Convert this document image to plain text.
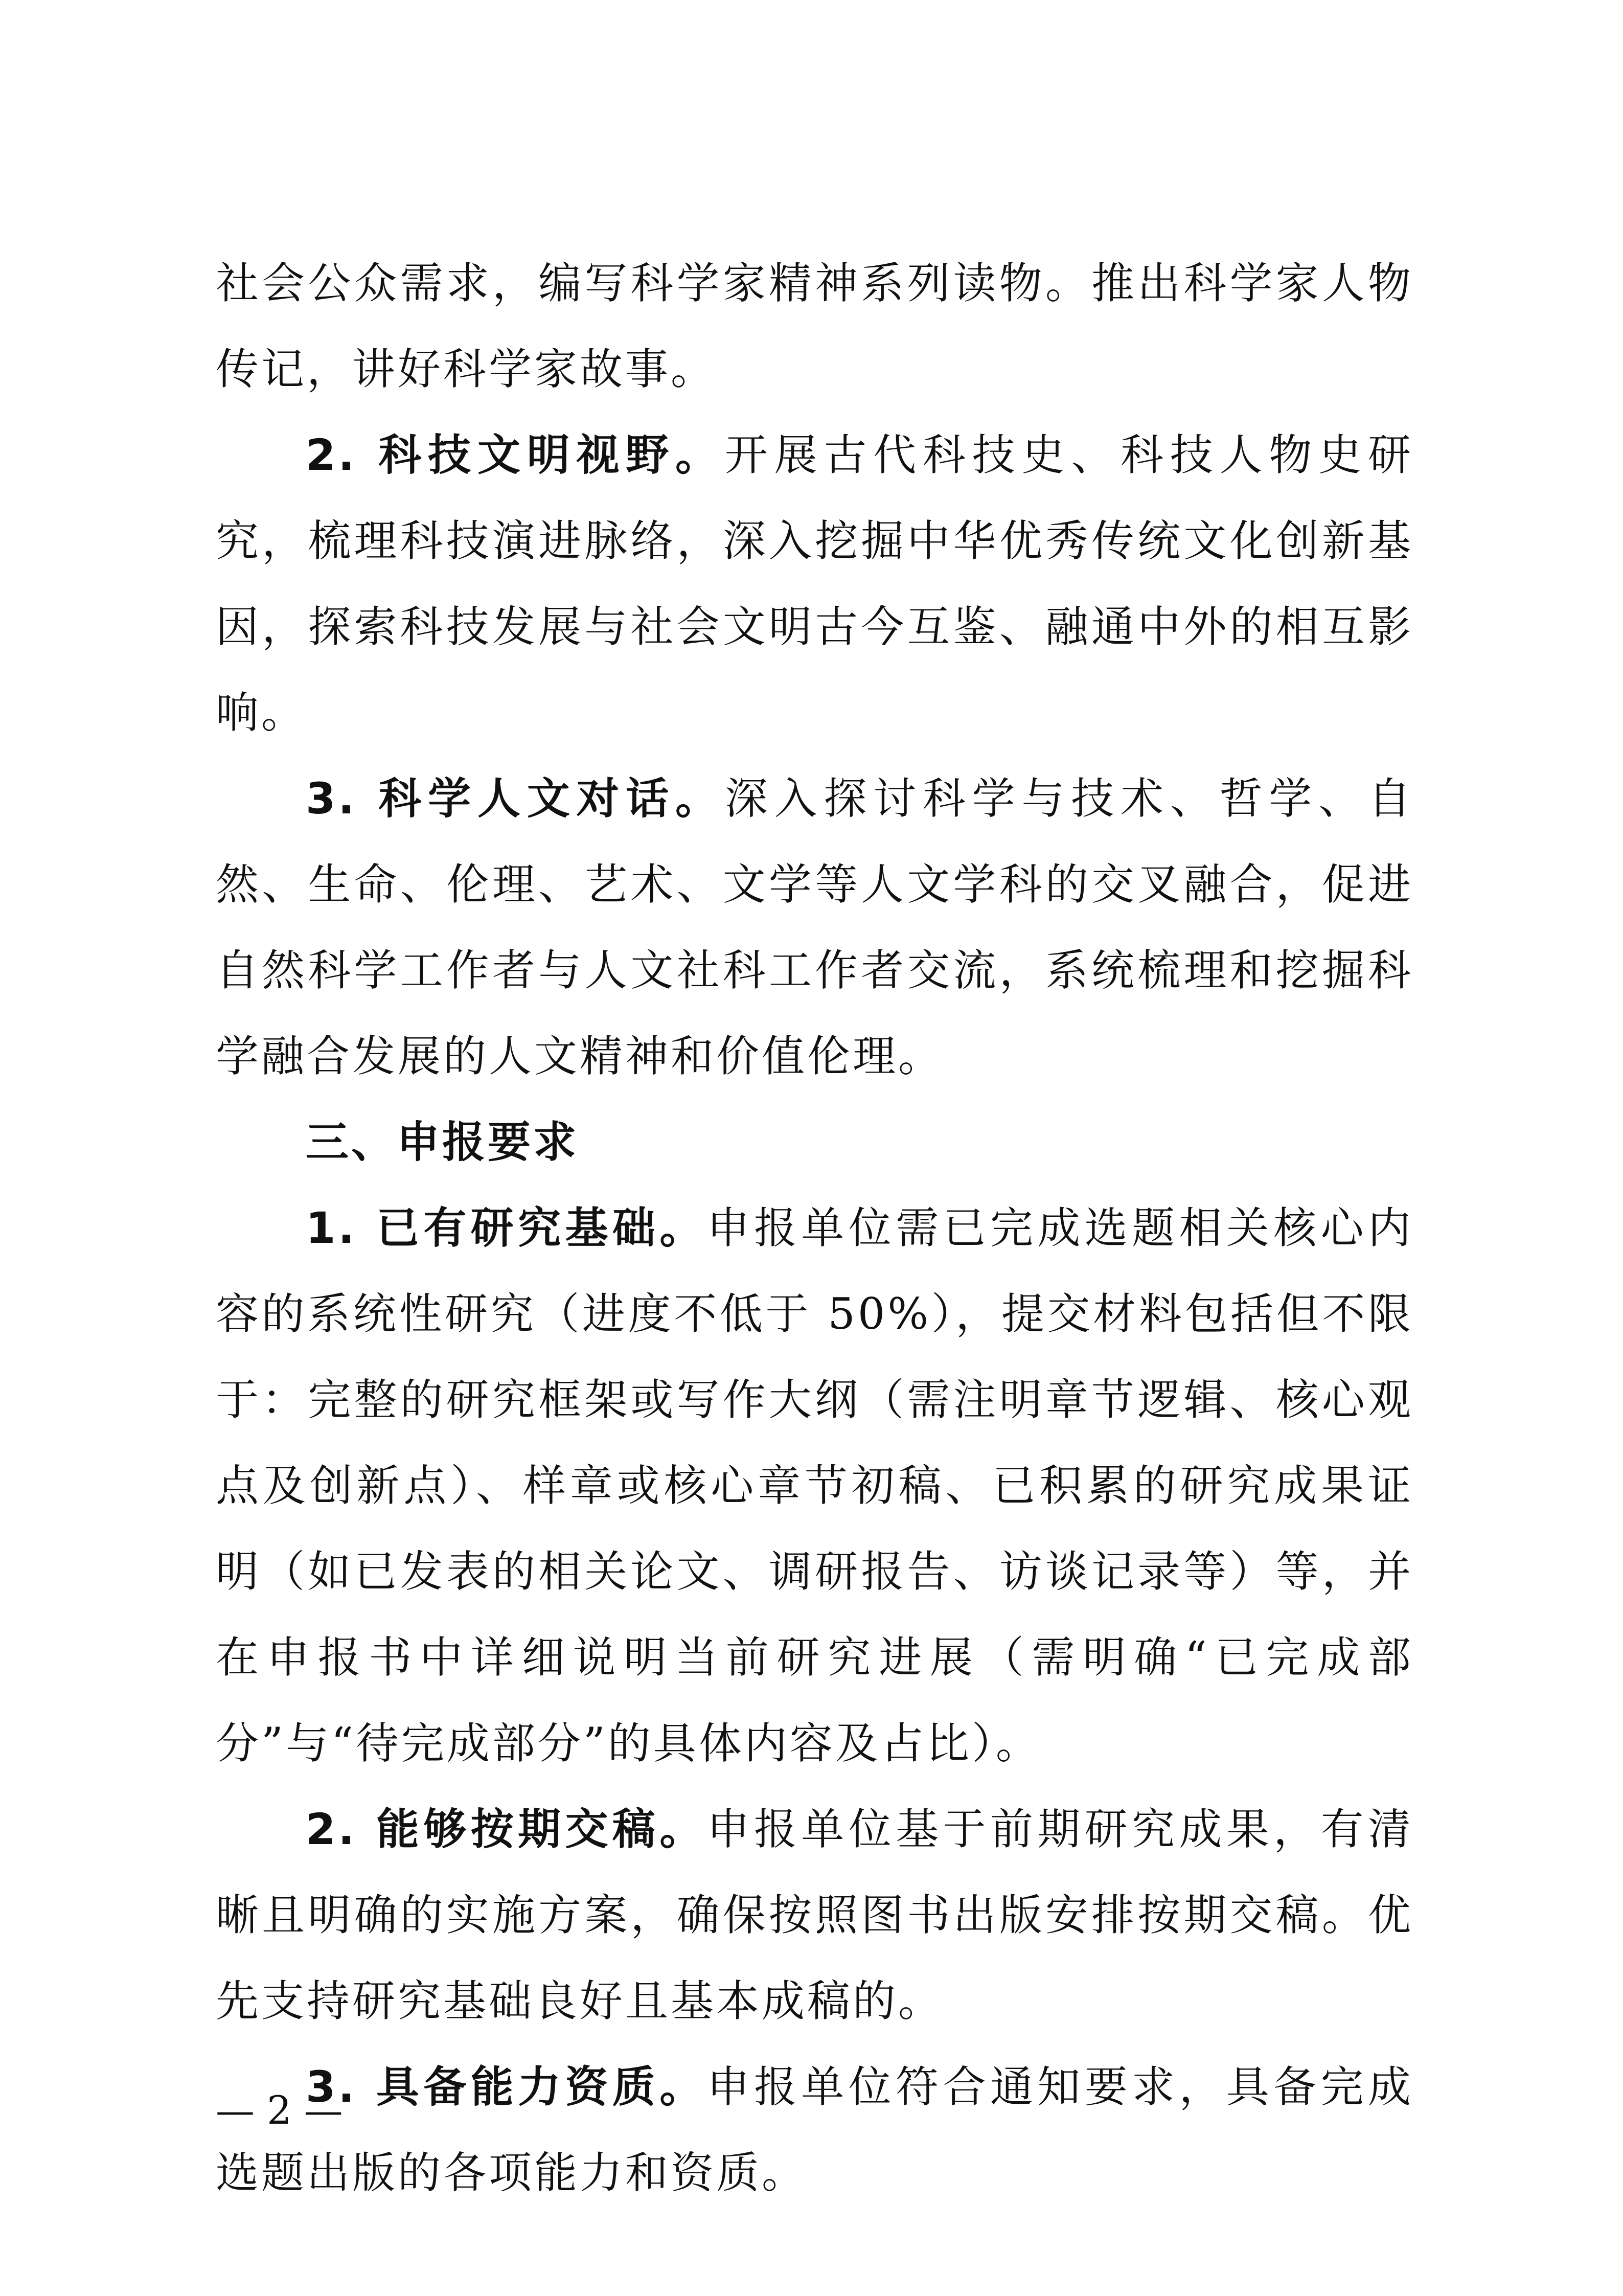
社会公众需求，编写科学家精神系列读物。推出科学家人物传记，讲好科学家故事。

2. 科技文明视野。开展古代科技史、科技人物史研究，梳理科技演进脉络，深入挖掘中华优秀传统文化创新基因，探索科技发展与社会文明古今互鉴、融通中外的相互影响。

3. 科学人文对话。深入探讨科学与技术、哲学、自然、生命、伦理、艺术、文学等人文学科的交叉融合，促进自然科学工作者与人文社科工作者交流，系统梳理和挖掘科学融合发展的人文精神和价值伦理。

三、申报要求

1. 已有研究基础。申报单位需已完成选题相关核心内容的系统性研究（进度不低于 50%），提交材料包括但不限于：完整的研究框架或写作大纲（需注明章节逻辑、核心观点及创新点）、样章或核心章节初稿、已积累的研究成果证明（如已发表的相关论文、调研报告、访谈记录等）等，并在申报书中详细说明当前研究进展（需明确“已完成部分”与“待完成部分”的具体内容及占比）。

2. 能够按期交稿。申报单位基于前期研究成果，有清晰且明确的实施方案，确保按照图书出版安排按期交稿。优先支持研究基础良好且基本成稿的。

3. 具备能力资质。申报单位符合通知要求，具备完成选题出版的各项能力和资质。

— 2 —
